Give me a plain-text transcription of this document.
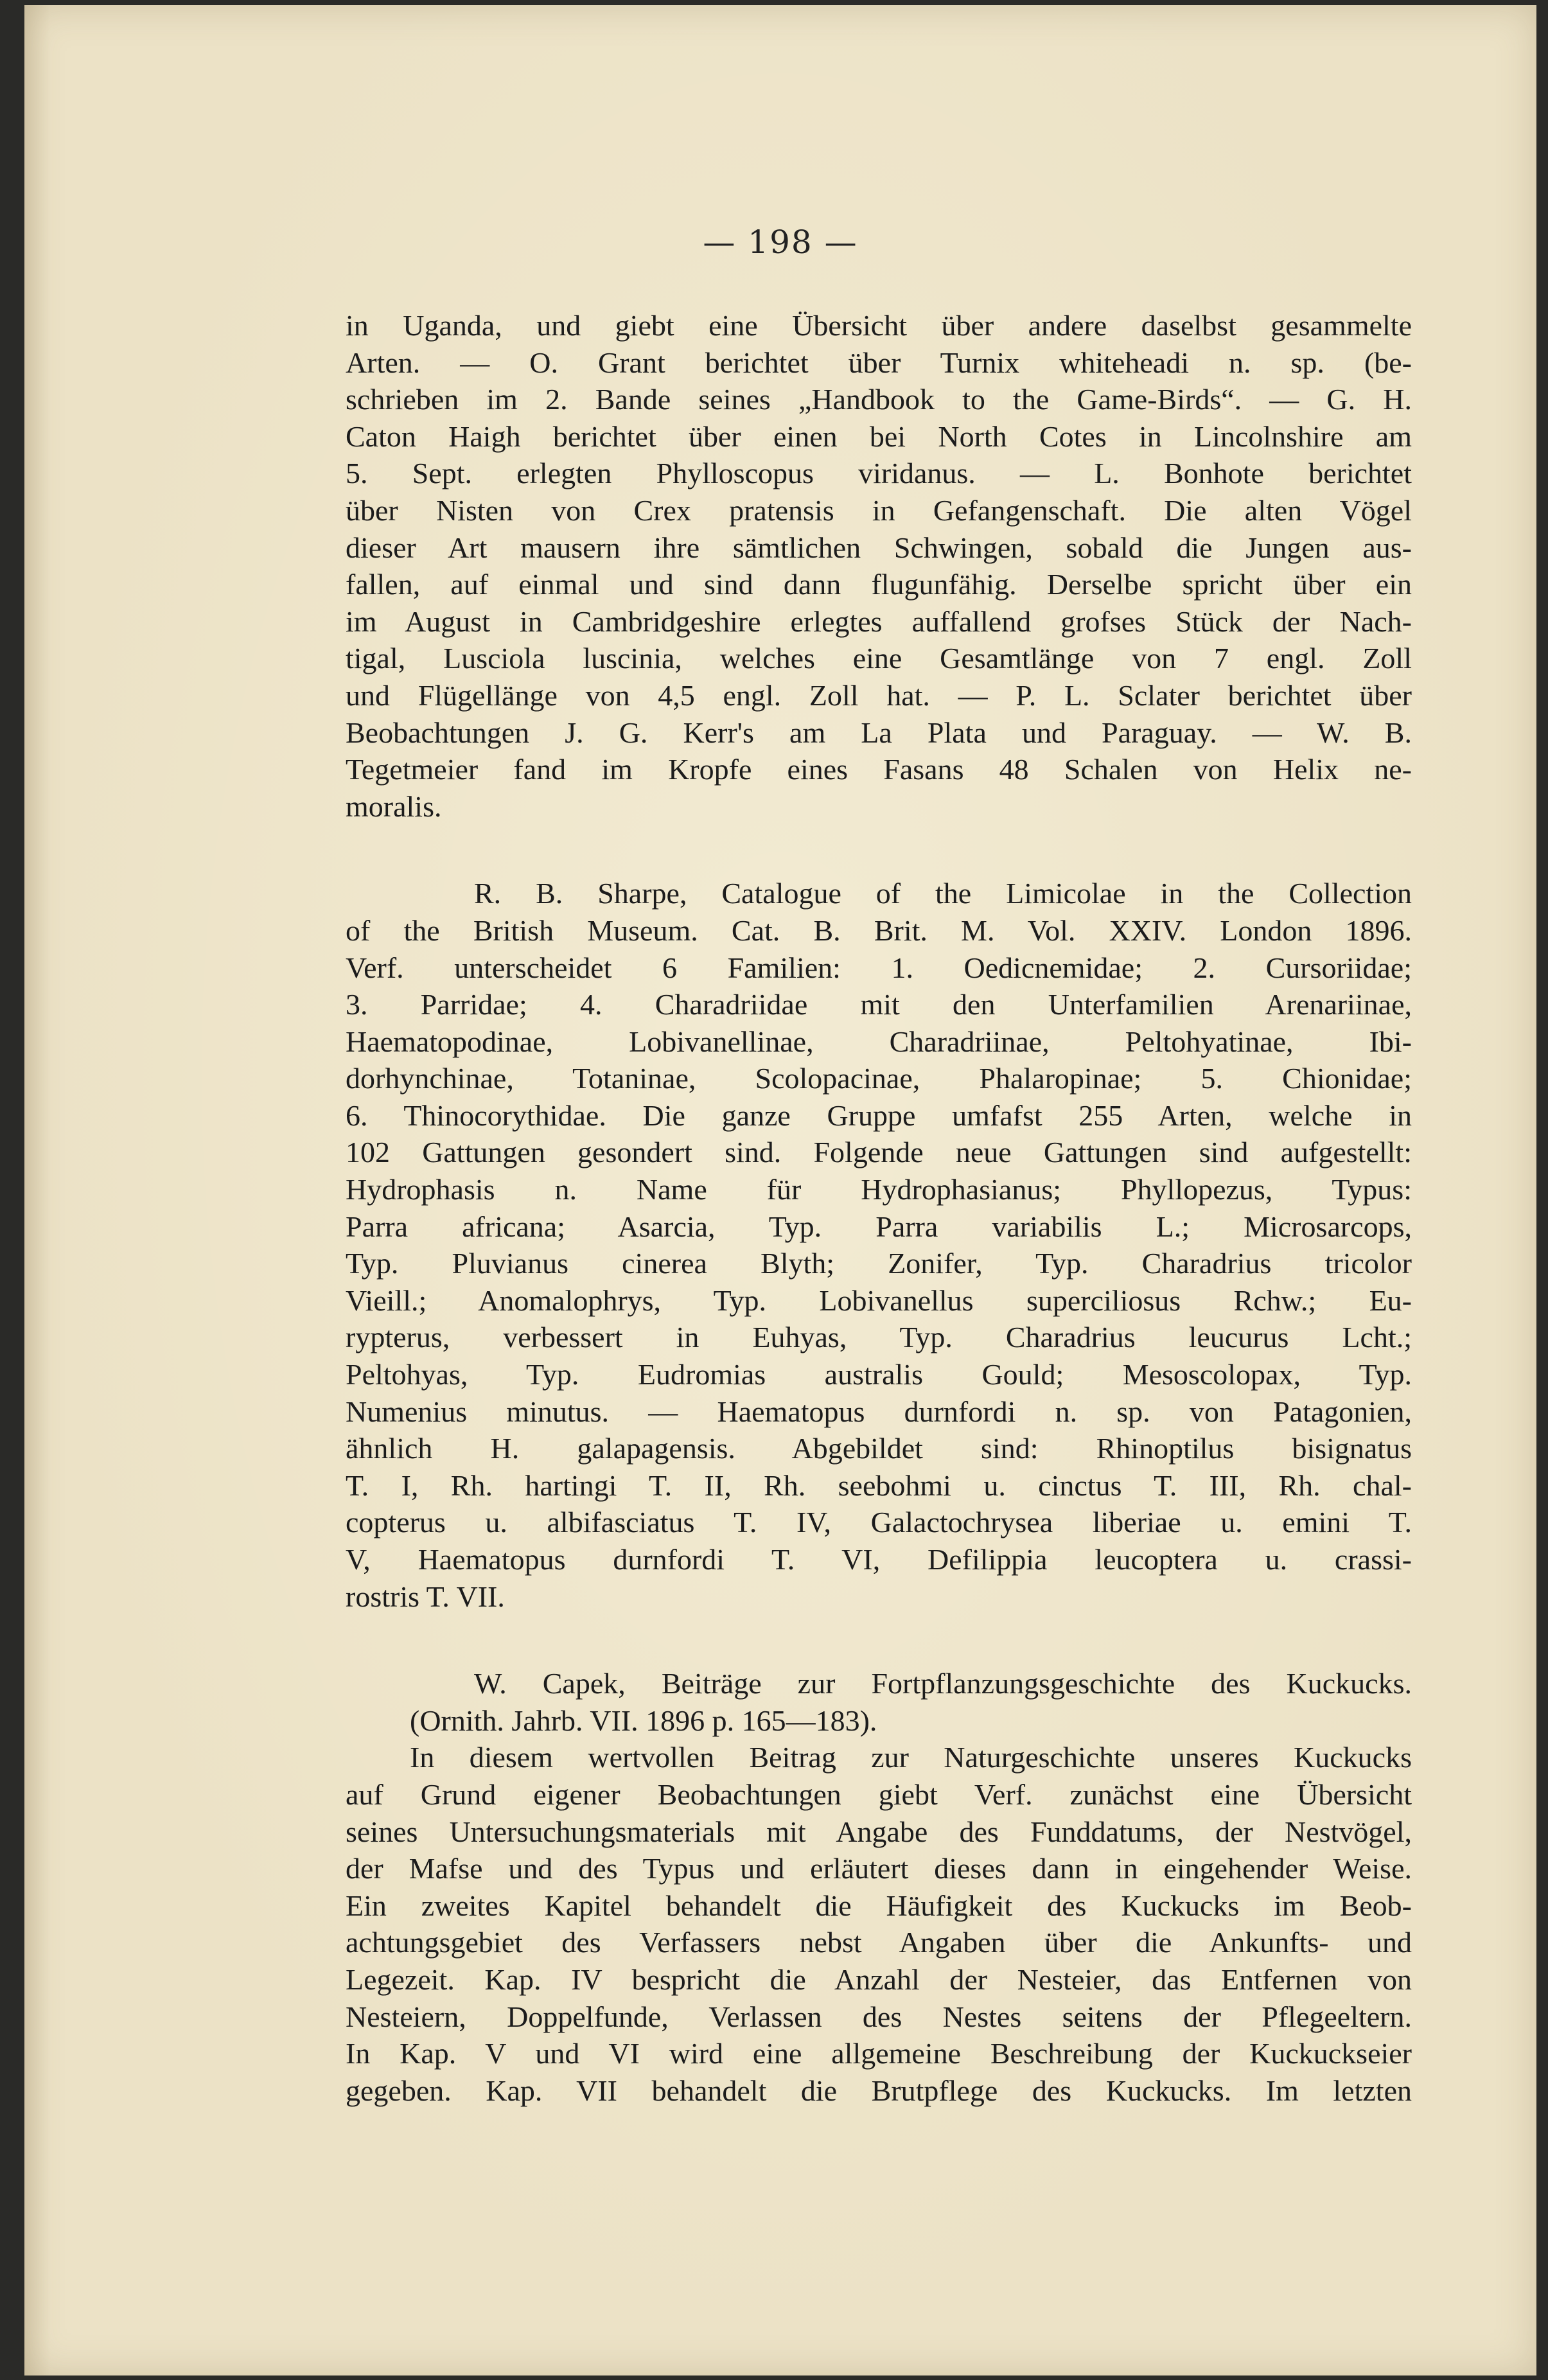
— 198 —
in Uganda, und giebt eine Übersicht über andere daselbst gesammelte
Arten. — O. Grant berichtet über Turnix whiteheadi n. sp. (be-
schrieben im 2. Bande seines „Handbook to the Game-Birds“. — G. H.
Caton Haigh berichtet über einen bei North Cotes in Lincolnshire am
5. Sept. erlegten Phylloscopus viridanus. — L. Bonhote berichtet
über Nisten von Crex pratensis in Gefangenschaft. Die alten Vögel
dieser Art mausern ihre sämtlichen Schwingen, sobald die Jungen aus-
fallen, auf einmal und sind dann flugunfähig. Derselbe spricht über ein
im August in Cambridgeshire erlegtes auffallend grofses Stück der Nach-
tigal, Lusciola luscinia, welches eine Gesamtlänge von 7 engl. Zoll
und Flügellänge von 4,5 engl. Zoll hat. — P. L. Sclater berichtet über
Beobachtungen J. G. Kerr's am La Plata und Paraguay. — W. B.
Tegetmeier fand im Kropfe eines Fasans 48 Schalen von Helix ne-
moralis.
R. B. Sharpe, Catalogue of the Limicolae in the Collection
of the British Museum. Cat. B. Brit. M. Vol. XXIV. London 1896.
Verf. unterscheidet 6 Familien: 1. Oedicnemidae; 2. Cursoriidae;
3. Parridae; 4. Charadriidae mit den Unterfamilien Arenariinae,
Haematopodinae, Lobivanellinae, Charadriinae, Peltohyatinae, Ibi-
dorhynchinae, Totaninae, Scolopacinae, Phalaropinae; 5. Chionidae;
6. Thinocorythidae. Die ganze Gruppe umfafst 255 Arten, welche in
102 Gattungen gesondert sind. Folgende neue Gattungen sind aufgestellt:
Hydrophasis n. Name für Hydrophasianus; Phyllopezus, Typus:
Parra africana; Asarcia, Typ. Parra variabilis L.; Microsarcops,
Typ. Pluvianus cinerea Blyth; Zonifer, Typ. Charadrius tricolor
Vieill.; Anomalophrys, Typ. Lobivanellus superciliosus Rchw.; Eu-
rypterus, verbessert in Euhyas, Typ. Charadrius leucurus Lcht.;
Peltohyas, Typ. Eudromias australis Gould; Mesoscolopax, Typ.
Numenius minutus. — Haematopus durnfordi n. sp. von Patagonien,
ähnlich H. galapagensis. Abgebildet sind: Rhinoptilus bisignatus
T. I, Rh. hartingi T. II, Rh. seebohmi u. cinctus T. III, Rh. chal-
copterus u. albifasciatus T. IV, Galactochrysea liberiae u. emini T.
V, Haematopus durnfordi T. VI, Defilippia leucoptera u. crassi-
rostris T. VII.
W. Capek, Beiträge zur Fortpflanzungsgeschichte des Kuckucks.
(Ornith. Jahrb. VII. 1896 p. 165—183).
In diesem wertvollen Beitrag zur Naturgeschichte unseres Kuckucks
auf Grund eigener Beobachtungen giebt Verf. zunächst eine Übersicht
seines Untersuchungsmaterials mit Angabe des Funddatums, der Nestvögel,
der Mafse und des Typus und erläutert dieses dann in eingehender Weise.
Ein zweites Kapitel behandelt die Häufigkeit des Kuckucks im Beob-
achtungsgebiet des Verfassers nebst Angaben über die Ankunfts- und
Legezeit. Kap. IV bespricht die Anzahl der Nesteier, das Entfernen von
Nesteiern, Doppelfunde, Verlassen des Nestes seitens der Pflegeeltern.
In Kap. V und VI wird eine allgemeine Beschreibung der Kuckuckseier
gegeben. Kap. VII behandelt die Brutpflege des Kuckucks. Im letzten
